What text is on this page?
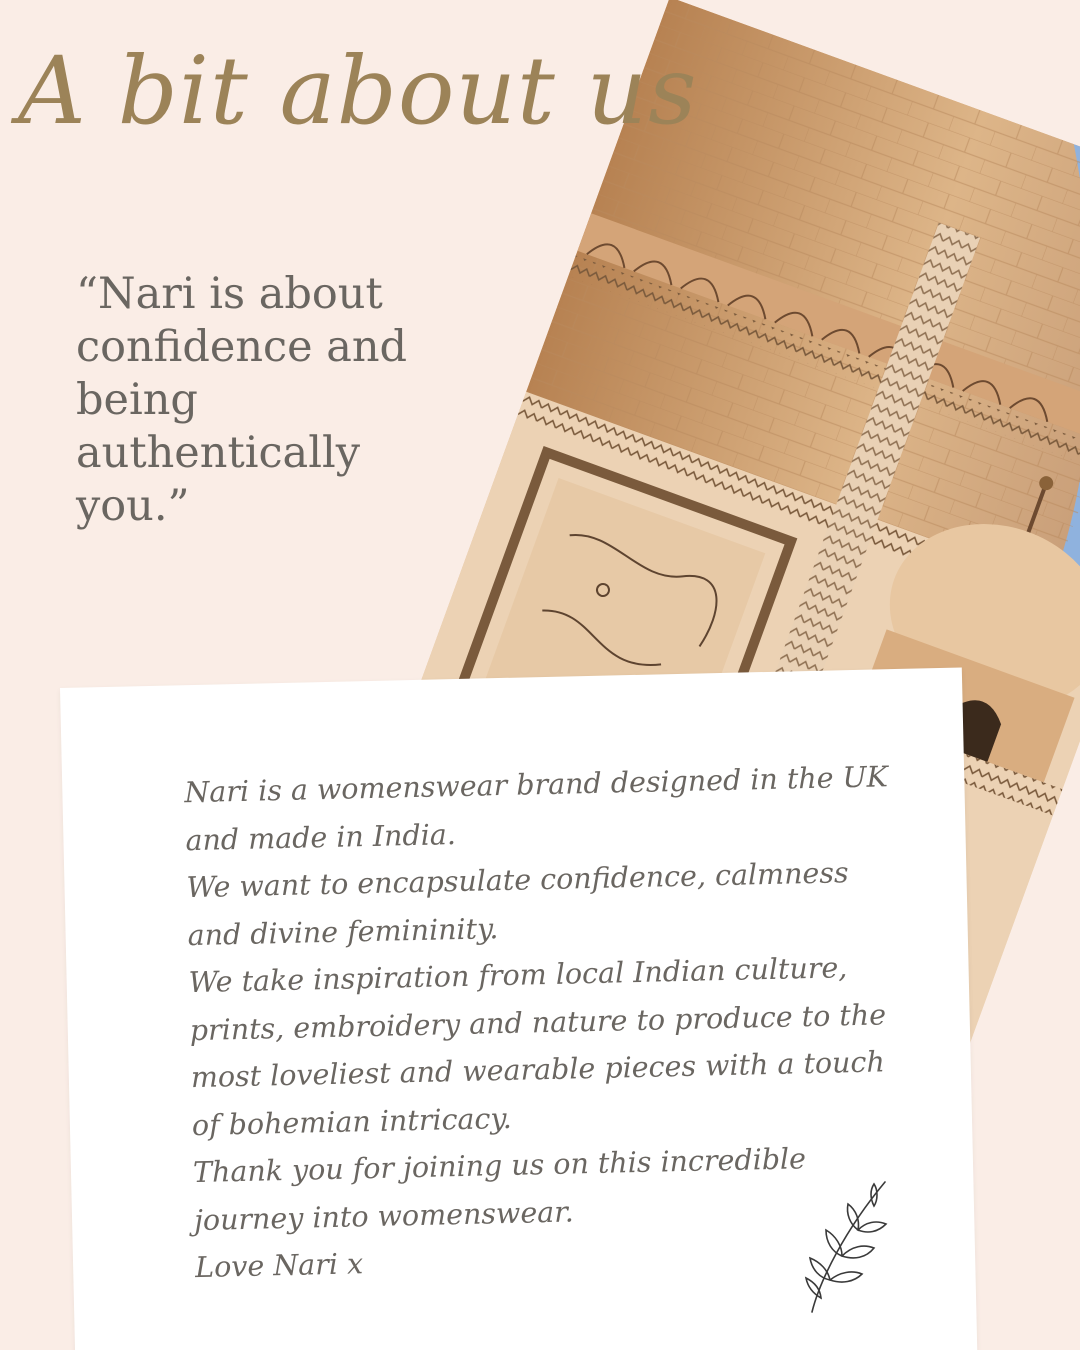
A bit about us

“Nari is about confidence and being authentically you.”

Nari is a womenswear brand designed in the UK
and made in India.
We want to encapsulate confidence, calmness
and divine femininity.
We take inspiration from local Indian culture,
prints, embroidery and nature to produce to the
most loveliest and wearable pieces with a touch
of bohemian intricacy.
Thank you for joining us on this incredible
journey into womenswear.
Love Nari x
